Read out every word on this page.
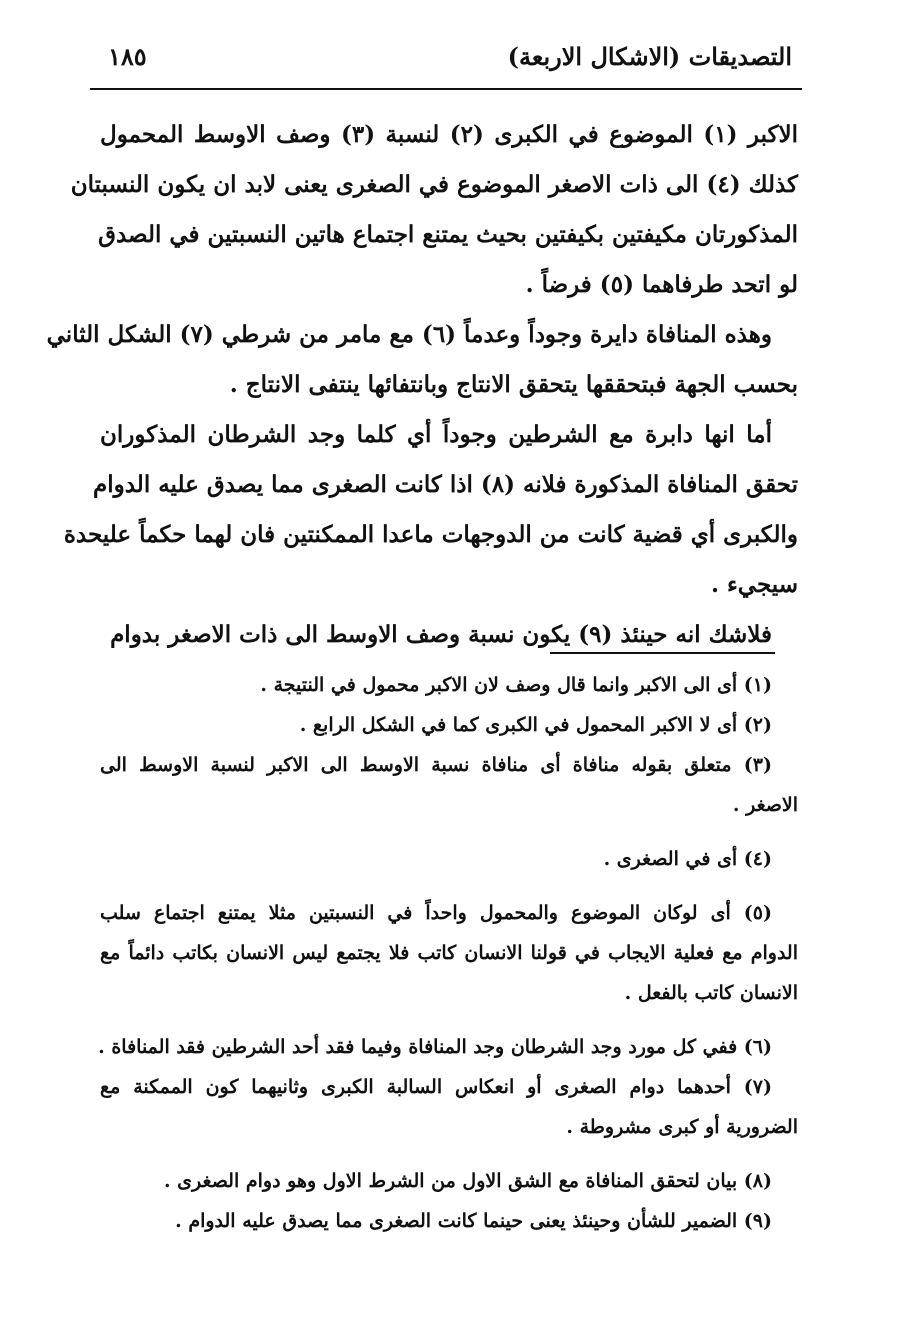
التصديقات (الاشكال الاربعة)
١٨٥
الاكبر (١) الموضوع في الكبرى (٢) لنسبة (٣) وصف الاوسط المحمول
كذلك (٤) الى ذات الاصغر الموضوع في الصغرى يعنى لابد ان يكون النسبتان
المذكورتان مكيفتين بكيفتين بحيث يمتنع اجتماع هاتين النسبتين في الصدق
لو اتحد طرفاهما (٥) فرضاً .
وهذه المنافاة دايرة وجوداً وعدماً (٦) مع مامر من شرطي (٧) الشكل الثاني
بحسب الجهة فبتحققها يتحقق الانتاج وبانتفائها ينتفى الانتاج .
أما انها دابرة مع الشرطين وجوداً أي كلما وجد الشرطان المذكوران
تحقق المنافاة المذكورة فلانه (٨) اذا كانت الصغرى مما يصدق عليه الدوام
والكبرى أي قضية كانت من الدوجهات ماعدا الممكنتين فان لهما حكماً عليحدة
سيجيء .
فلاشك انه حينئذ (٩) يكون نسبة وصف الاوسط الى ذات الاصغر بدوام
(١) أى الى الاكبر وانما قال وصف لان الاكبر محمول في النتيجة .
(٢) أى لا الاكبر المحمول في الكبرى كما في الشكل الرابع .
(٣) متعلق بقوله منافاة أى منافاة نسبة الاوسط الى الاكبر لنسبة الاوسط الى
الاصغر .
(٤) أى في الصغرى .
(٥) أى لوكان الموضوع والمحمول واحداً في النسبتين مثلا يمتنع اجتماع سلب
الدوام مع فعلية الايجاب في قولنا الانسان كاتب فلا يجتمع ليس الانسان بكاتب دائماً مع
الانسان كاتب بالفعل .
(٦) ففي كل مورد وجد الشرطان وجد المنافاة وفيما فقد أحد الشرطين فقد المنافاة .
(٧) أحدهما دوام الصغرى أو انعكاس السالبة الكبرى وثانيهما كون الممكنة مع
الضرورية أو كبرى مشروطة .
(٨) بيان لتحقق المنافاة مع الشق الاول من الشرط الاول وهو دوام الصغرى .
(٩) الضمير للشأن وحينئذ يعنى حينما كانت الصغرى مما يصدق عليه الدوام .
